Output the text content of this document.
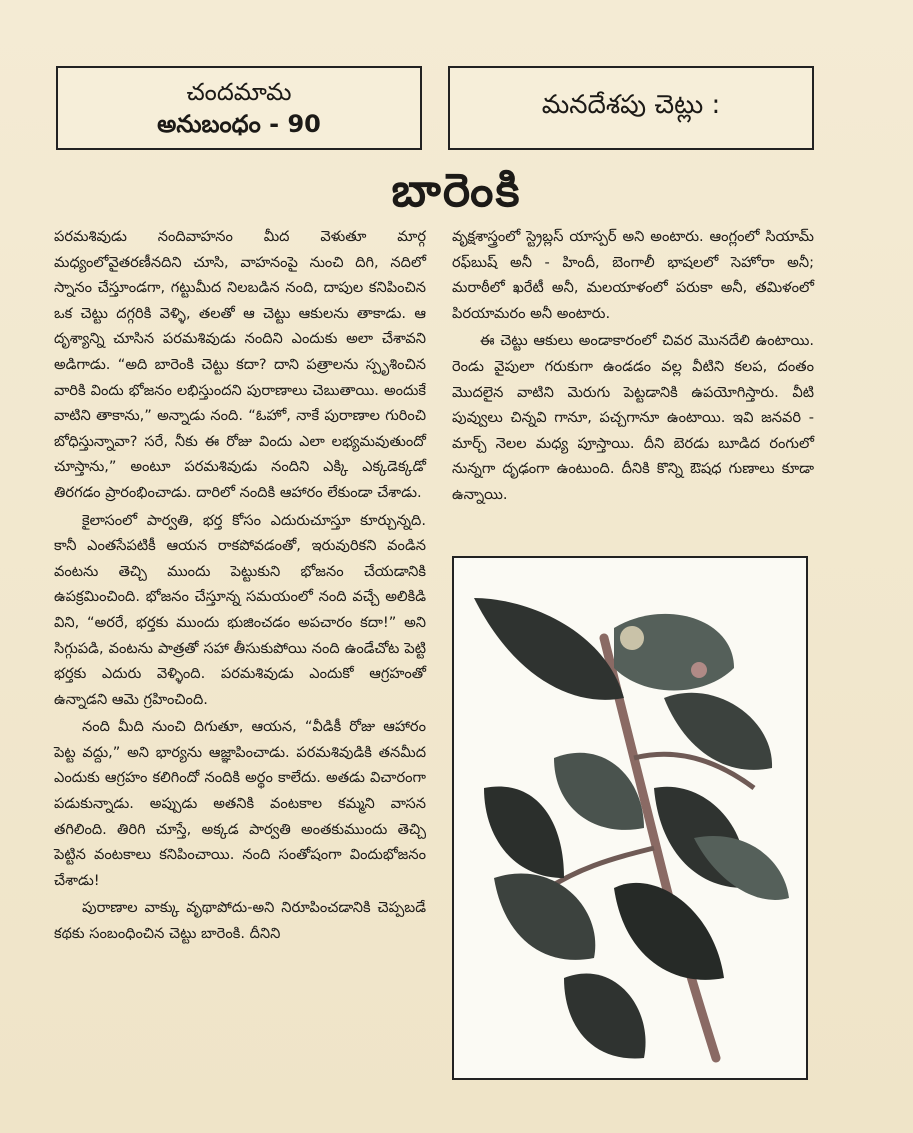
చందమామ
అనుబంధం - 90
మనదేశపు చెట్లు :
బారెంకి

పరమశివుడు నందివాహనం మీద వెళుతూ మార్గ మధ్యంలోవైతరణీనదిని చూసి, వాహనంపై నుంచి దిగి, నదిలో స్నానం చేస్తూండగా, గట్టుమీద నిలబడిన నంది, దాపుల కనిపించిన ఒక చెట్టు దగ్గరికి వెళ్ళి, తలతో ఆ చెట్టు ఆకులను తాకాడు. ఆ దృశ్యాన్ని చూసిన పరమశివుడు నందిని ఎందుకు అలా చేశావని అడిగాడు. “అది బారెంకి చెట్టు కదా? దాని పత్రాలను స్పృశించిన వారికి విందు భోజనం లభిస్తుందని పురాణాలు చెబుతాయి. అందుకే వాటిని తాకాను,” అన్నాడు నంది. “ఓహో, నాకే పురాణాల గురించి బోధిస్తున్నావా? సరే, నీకు ఈ రోజు విందు ఎలా లభ్యమవుతుందో చూస్తాను,” అంటూ పరమశివుడు నందిని ఎక్కి ఎక్కడెక్కడో తిరగడం ప్రారంభించాడు. దారిలో నందికి ఆహారం లేకుండా చేశాడు.

కైలాసంలో పార్వతి, భర్త కోసం ఎదురుచూస్తూ కూర్చున్నది. కానీ ఎంతసేపటికీ ఆయన రాకపోవడంతో, ఇరువురికని వండిన వంటను తెచ్చి ముందు పెట్టుకుని భోజనం చేయడానికి ఉపక్రమించింది. భోజనం చేస్తూన్న సమయంలో నంది వచ్చే అలికిడి విని, “అరరే, భర్తకు ముందు భుజించడం అపచారం కదా!” అని సిగ్గుపడి, వంటను పాత్రతో సహా తీసుకుపోయి నంది ఉండేచోట పెట్టి భర్తకు ఎదురు వెళ్ళింది. పరమశివుడు ఎందుకో ఆగ్రహంతో ఉన్నాడని ఆమె గ్రహించింది.

నంది మీది నుంచి దిగుతూ, ఆయన, “వీడికీ రోజు ఆహారం పెట్ట వద్దు,” అని భార్యను ఆజ్ఞాపించాడు. పరమశివుడికి తనమీద ఎందుకు ఆగ్రహం కలిగిందో నందికి అర్థం కాలేదు. అతడు విచారంగా పడుకున్నాడు. అప్పుడు అతనికి వంటకాల కమ్మని వాసన తగిలింది. తిరిగి చూస్తే, అక్కడ పార్వతి అంతకుముందు తెచ్చి పెట్టిన వంటకాలు కనిపించాయి. నంది సంతోషంగా విందుభోజనం చేశాడు!

పురాణాల వాక్కు వృథాపోదు-అని నిరూపించడానికి చెప్పబడే కథకు సంబంధించిన చెట్టు బారెంకి. దీనిని

వృక్షశాస్త్రంలో స్ట్రెబ్లస్ యాస్పర్ అని అంటారు. ఆంగ్లంలో సియామ్ రఫ్‌బుష్ అనీ - హిందీ, బెంగాలీ భాషలలో సెహోరా అనీ; మరాఠీలో ఖరేటీ అనీ, మలయాళంలో పరుకా అనీ, తమిళంలో పిరయామరం అనీ అంటారు.

ఈ చెట్టు ఆకులు అండాకారంలో చివర మొనదేలి ఉంటాయి. రెండు వైపులా గరుకుగా ఉండడం వల్ల వీటిని కలప, దంతం మొదలైన వాటిని మెరుగు పెట్టడానికి ఉపయోగిస్తారు. వీటి పువ్వులు చిన్నవి గానూ, పచ్చగానూ ఉంటాయి. ఇవి జనవరి - మార్చ్ నెలల మధ్య పూస్తాయి. దీని బెరడు బూడిద రంగులో నున్నగా దృఢంగా ఉంటుంది. దీనికి కొన్ని ఔషధ గుణాలు కూడా ఉన్నాయి.
